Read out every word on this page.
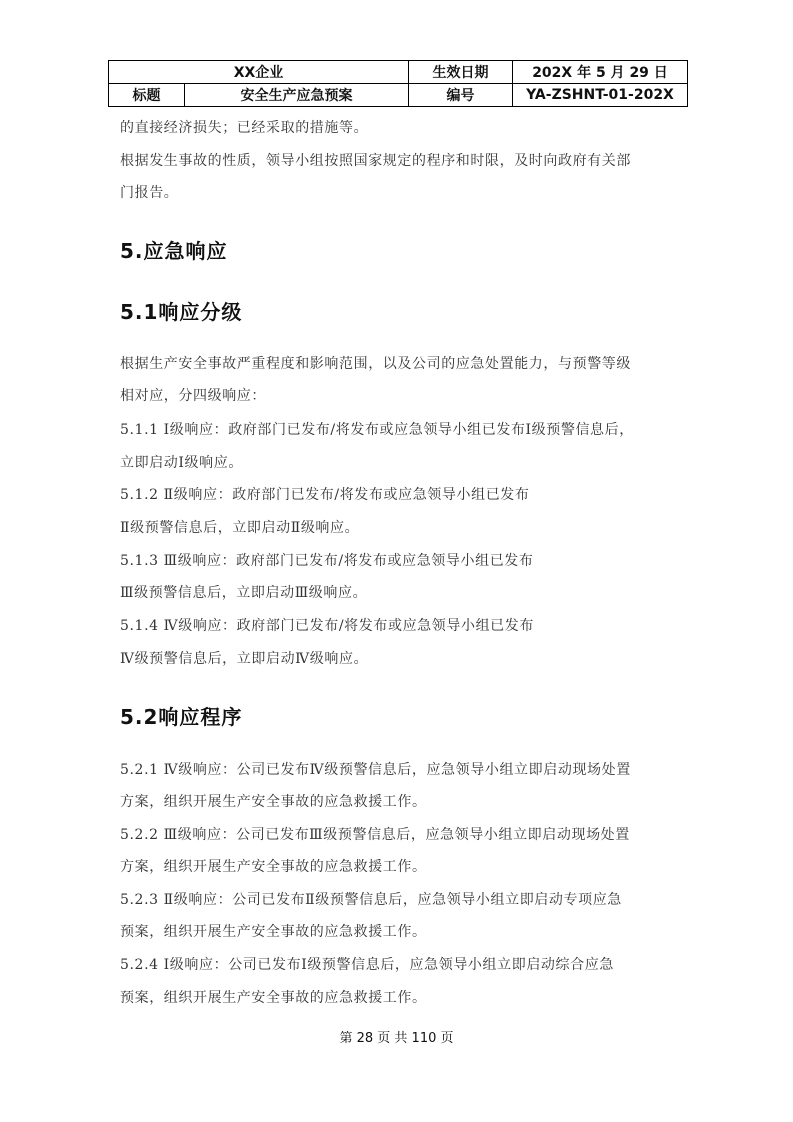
XX企业		生效日期	202X 年 5 月 29 日
标题	安全生产应急预案	编号	YA-ZSHNT-01-202X
的直接经济损失；已经采取的措施等。
根据发生事故的性质，领导小组按照国家规定的程序和时限，及时向政府有关部
门报告。
5.应急响应
5.1响应分级
根据生产安全事故严重程度和影响范围，以及公司的应急处置能力，与预警等级
相对应，分四级响应：
5.1.1 Ⅰ级响应：政府部门已发布/将发布或应急领导小组已发布Ⅰ级预警信息后，
立即启动Ⅰ级响应。
5.1.2 Ⅱ级响应：政府部门已发布/将发布或应急领导小组已发布
Ⅱ级预警信息后，立即启动Ⅱ级响应。
5.1.3 Ⅲ级响应：政府部门已发布/将发布或应急领导小组已发布
Ⅲ级预警信息后，立即启动Ⅲ级响应。
5.1.4 Ⅳ级响应：政府部门已发布/将发布或应急领导小组已发布
Ⅳ级预警信息后，立即启动Ⅳ级响应。
5.2响应程序
5.2.1 Ⅳ级响应：公司已发布Ⅳ级预警信息后，应急领导小组立即启动现场处置
方案，组织开展生产安全事故的应急救援工作。
5.2.2 Ⅲ级响应：公司已发布Ⅲ级预警信息后，应急领导小组立即启动现场处置
方案，组织开展生产安全事故的应急救援工作。
5.2.3 Ⅱ级响应：公司已发布Ⅱ级预警信息后，应急领导小组立即启动专项应急
预案，组织开展生产安全事故的应急救援工作。
5.2.4 Ⅰ级响应：公司已发布Ⅰ级预警信息后，应急领导小组立即启动综合应急
预案，组织开展生产安全事故的应急救援工作。
第 28 页 共 110 页
